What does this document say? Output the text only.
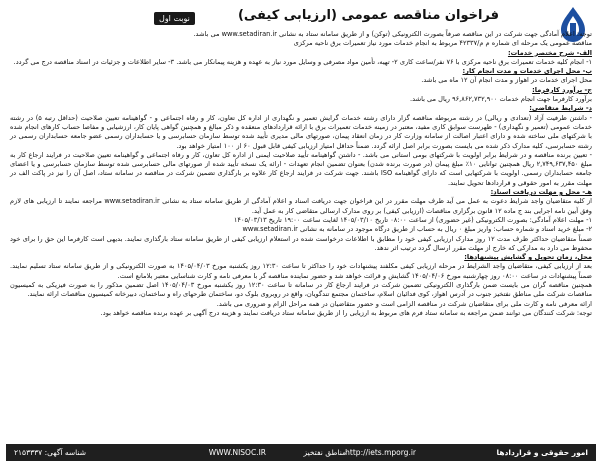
نوبت اول	فراخوان مناقصه عمومی (ارزیابی کیفی)

توجه: اعلام آمادگی جهت شرکت در این مناقصه صرفاً بصورت الکترونیکی (توکن) و از طریق سامانه ستاد به نشانی www.setadiran.ir می باشد.

مناقصه عمومی یک مرحله ای شماره م م/۴۲۳۳۷ مربوط به انجام خدمات مورد نیاز تعمیرات برق ناحیه مرکزی

الف- شرح مختصر خدمات:

۱- انجام کلیه خدمات تعمیرات برق ناحیه مرکزی با ۷۶ نفر/ساعت کاری ۲- تهیه، تأمین مواد مصرفی و وسایل مورد نیاز به عهده و هزینه پیمانکار می باشد. ۳- سایر اطلاعات و جزئیات در اسناد مناقصه درج می گردد.

ب- محل اجرای خدمات و مدت انجام کار:

محل اجرای خدمات در اهواز و مدت انجام آن ۱۲ ماه می باشد.

ج- برآورد کارفرما:

برآورد کارفرما جهت انجام خدمات ۹۶,۸۶۲,۷۳۲,۹۰۰ ریال می باشد.

د- شرایط متقاضی:

- داشتن ظرفیت آزاد (تعدادی و ریالی) در رشته مربوطه مناقصه گزار دارای رشته خدمات گرایش تعمیر و نگهداری از اداره کل تعاون، کار و رفاه اجتماعی و - گواهینامه تعیین صلاحیت (حداقل رتبه ۵) در رشته خدمات عمومی (تعمیر و نگهداری) - ظهرست سوابق کاری مفید، معتبر در زمینه خدمات تعمیرات برق با ارائه قراردادهای منعقده و ذکر مبالغ و همچنین گواهی پایان کار، ارزشیابی و مفاصا حساب کارهای انجام شده با شرکتهای ملی ساخته شده و دارای اعتبار اصالت از سامانه وزارت کار در زمان انعقاد پیمان، صورتهای مالی مدیری تأیید شده توسط سازمان حسابرسی و یا حسابداران رسمی عضو جامعه حسابداران رسمی در رشته حسابرسی، کلیه مدارک ذکر شده می بایست بصورت برابر اصل ارائه گردد. ضمناً حداقل امتیاز ارزیابی کیفی قابل قبول ۶۰ از ۱۰۰ امتیاز خواهد بود.

- تعیین برنده مناقصه و در شرایط برابر اولویت با شرکتهای بومی استانی می باشد. - داشتن گواهینامه تأیید صلاحیت ایمنی از اداره کل تعاون، کار و رفاه اجتماعی و گواهینامه تعیین صلاحیت در فرایند ارجاع کار به مبلغ ۲,۷۴۹,۶۳۷,۴۵۰ ریال همچنین توانایی ۱۰٪ مبلغ پیمان (در صورت برنده شدن) بعنوان تضمین انجام تعهدات - ارائه یک نسخه تأیید شده از صورتهای مالی حسابرسی شده توسط سازمان حسابرسی و یا اعضای جامعه حسابداران رسمی. اولویت با شرکتهایی است که دارای گواهینامه ISO باشند. جهت شرکت در فرایند ارجاع کار علاوه بر بارگذاری تضمین شرکت در مناقصه در سامانه ستاد، اصل آن را نیز در پاکت الف در مهلت مقرر به امور حقوقی و قراردادها تحویل نمایند.

هـ- محل و مهلت دریافت اسناد:

از کلیه متقاضیان واجد شرایط دعوت به عمل می آید ظرف مهلت مقرر در این فراخوان جهت دریافت اسناد و اعلام آمادگی از طریق سامانه ستاد به نشانی www.setadiran.ir مراجعه نمایند تا ارزیابی های لازم وفق آیین نامه اجرایی بند ج ماده ۱۲ قانون برگزاری مناقصات (ارزیابی کیفی) بر روی مدارک ارسالی متقاضی کار به عمل آید.

۱- مهلت اعلام آمادگی: بصورت الکترونیکی (غیر حضوری) از ساعت ۰۸:۰۰ تاریخ ۱۴۰۵/۰۳/۱۰ لغایت ساعت ۱۹:۰۰ تاریخ ۱۴۰۵/۰۳/۱۳

۲- مبلغ خرید اسناد و شماره حساب: واریز مبلغ ۰ ریال به حساب از طریق درگاه موجود در سامانه به نشانی www.setadiran.ir

ضمناً متقاضیان حداکثر ظرف مدت ۱۲ روز مدارک ارزیابی کیفی خود را مطابق با اطلاعات درخواست شده در استعلام ارزیابی کیفی از طریق سامانه ستاد بارگذاری نمایند. بدیهی است کارفرما این حق را برای خود محفوظ می دارد به مدارکی که خارج از مهلت مقرر ارسال گردد ترتیب اثر ندهد.

محل، زمان تحویل و گشایش پیشنهادها:

بعد از ارزیابی کیفی، متقاضیان واجد الشرایط در مرحله ارزیابی کیفی مکلفند پیشنهادات خود را حداکثر تا ساعت ۱۲:۳۰ روز یکشنبه مورخ ۱۴۰۵/۰۴/۰۳ به صورت الکترونیکی و از طریق سامانه ستاد تسلیم نمایند. ضمناً پیشنهادات در ساعت ۰۸:۰۰ روز چهارشنبه مورخ ۱۴۰۵/۰۴/۰۶ گشایش و قرائت خواهد شد و حضور نماینده مناقصه گر با معرفی نامه و کارت شناسایی معتبر بلامانع است.

همچنین مناقصه گران می بایست ضمن بارگذاری الکترونیکی تضمین شرکت در فرایند ارجاع کار در سامانه تا ساعت ۱۲:۳۰ روز یکشنبه مورخ ۱۴۰۵/۰۴/۰۳ اصل تضمین مذکور را به صورت فیزیکی به کمیسیون مناقصات شرکت ملی مناطق نفتخیز جنوب در آدرس اهواز، کوی فدائیان اسلام، ساختمان مجتمع تندگویان، واقع در روبروی بلوک دو، ساختمان طرحهای راه و ساختمان، دبیرخانه کمیسیون مناقصات ارائه نمایند.

ارائه معرفی نامه و کارت ملی برای متقاضیان شرکت در مناقصه الزامی است و حضور متقاضیان در همه مراحل الزام و ضروری می باشد.

توجه: شرکت کنندگان می توانند ضمن مراجعه به سامانه ستاد فرم های مربوط به ارزیابی را از طریق سامانه ستاد دریافت نمایند و هزینه درج آگهی بر عهده برنده مناقصه خواهد بود.

امور حقوقی و قراردادها
مناطق نفتخیز http://iets.mporg.ir
WWW.NISOC.IR
شناسه آگهی: ۲۱۵۳۳۳۷
